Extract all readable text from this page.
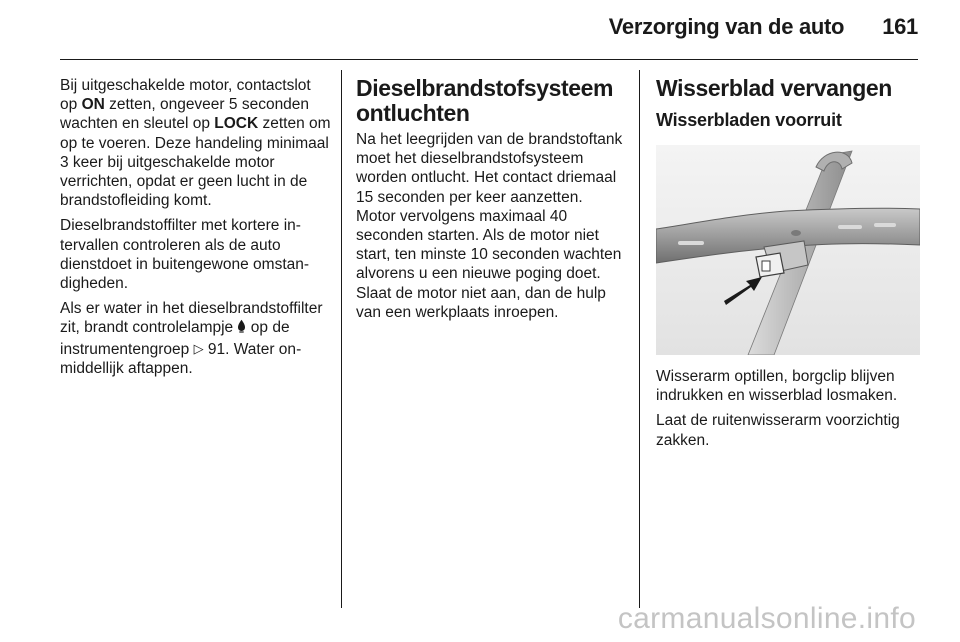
Verzorging van de auto 161

Bij uitgeschakelde motor, contactslot op ON zetten, ongeveer 5 seconden wachten en sleutel op LOCK zetten om op te voeren. Deze handeling minimaal 3 keer bij uitgeschakelde motor verrichten, opdat er geen lucht in de brandstofleiding komt.

Dieselbrandstoffilter met kortere intervallen controleren als de auto dienstdoet in buitengewone omstandigheden.

Als er water in het dieselbrandstoffilter zit, brandt controlelampje  op de instrumentengroep ▷ 91. Water onmiddellijk aftappen.

Dieselbrandstofsysteem ontluchten

Na het leegrijden van de brandstoftank moet het dieselbrandstofsysteem worden ontlucht. Het contact driemaal 15 seconden per keer aanzetten. Motor vervolgens maximaal 40 seconden starten. Als de motor niet start, ten minste 10 seconden wachten alvorens u een nieuwe poging doet. Slaat de motor niet aan, dan de hulp van een werkplaats inroepen.

Wisserblad vervangen
Wisserbladen voorruit

Wisserarm optillen, borgclip blijven indrukken en wisserblad losmaken.

Laat de ruitenwisserarm voorzichtig zakken.

carmanualsonline.info
